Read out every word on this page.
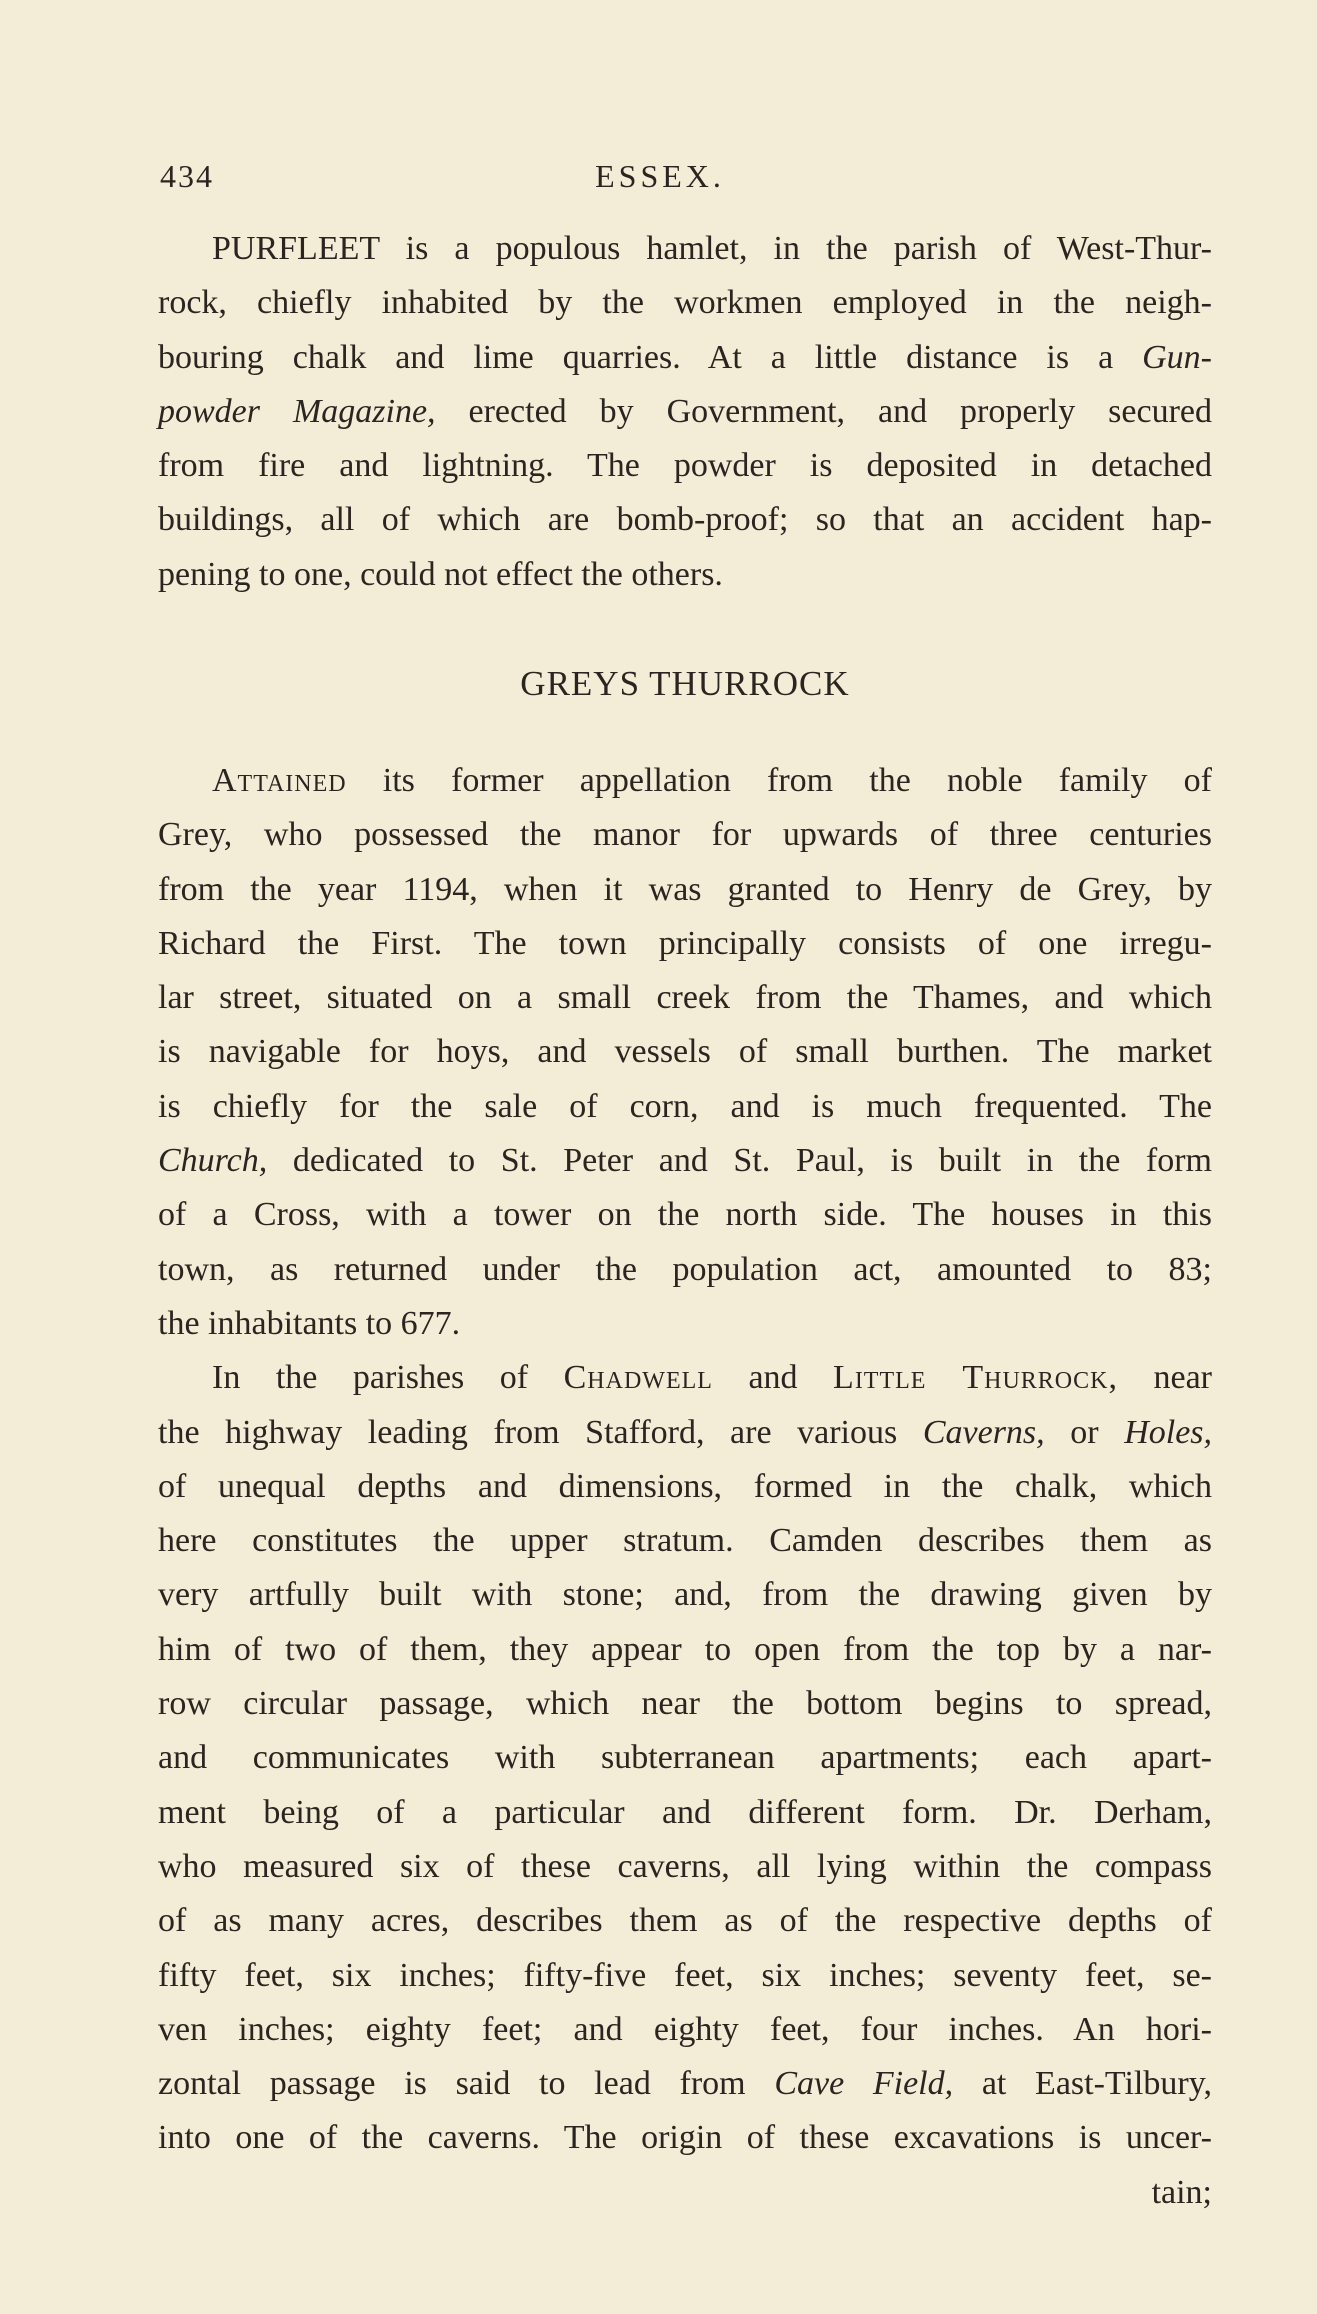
434	ESSEX.
PURFLEET is a populous hamlet, in the parish of West-Thur-
rock, chiefly inhabited by the workmen employed in the neigh-
bouring chalk and lime quarries. At a little distance is a Gun-
powder Magazine, erected by Government, and properly secured
from fire and lightning. The powder is deposited in detached
buildings, all of which are bomb-proof; so that an accident hap-
pening to one, could not effect the others.
GREYS THURROCK
Attained its former appellation from the noble family of
Grey, who possessed the manor for upwards of three centuries
from the year 1194, when it was granted to Henry de Grey, by
Richard the First. The town principally consists of one irregu-
lar street, situated on a small creek from the Thames, and which
is navigable for hoys, and vessels of small burthen. The market
is chiefly for the sale of corn, and is much frequented. The
Church, dedicated to St. Peter and St. Paul, is built in the form
of a Cross, with a tower on the north side. The houses in this
town, as returned under the population act, amounted to 83;
the inhabitants to 677.
In the parishes of Chadwell and Little Thurrock, near
the highway leading from Stafford, are various Caverns, or Holes,
of unequal depths and dimensions, formed in the chalk, which
here constitutes the upper stratum. Camden describes them as
very artfully built with stone; and, from the drawing given by
him of two of them, they appear to open from the top by a nar-
row circular passage, which near the bottom begins to spread,
and communicates with subterranean apartments; each apart-
ment being of a particular and different form. Dr. Derham,
who measured six of these caverns, all lying within the compass
of as many acres, describes them as of the respective depths of
fifty feet, six inches; fifty-five feet, six inches; seventy feet, se-
ven inches; eighty feet; and eighty feet, four inches. An hori-
zontal passage is said to lead from Cave Field, at East-Tilbury,
into one of the caverns. The origin of these excavations is uncer-
tain;
